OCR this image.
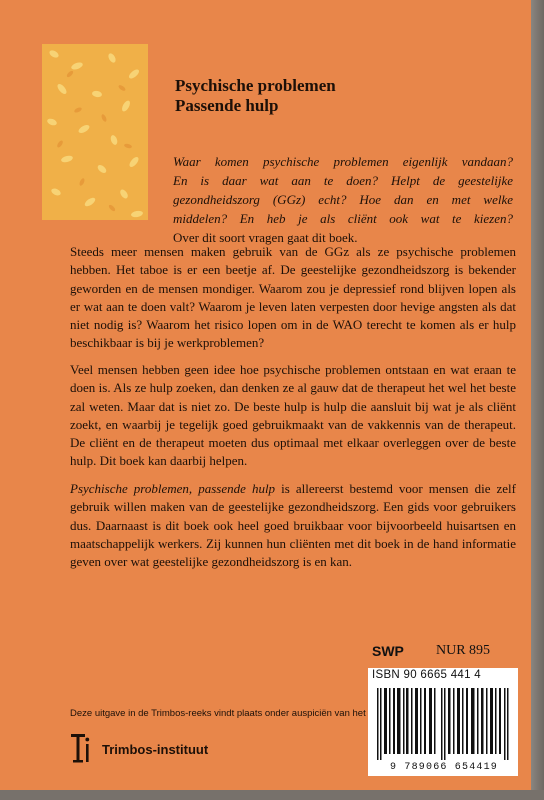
Psychische problemen
Passende hulp
Waar komen psychische problemen eigenlijk vandaan?
En is daar wat aan te doen? Helpt de geestelijke
gezondheidszorg (GGz) echt? Hoe dan en met welke
middelen? En heb je als cliënt ook wat te kiezen?
Over dit soort vragen gaat dit boek.
Steeds meer mensen maken gebruik van de GGz als ze psychische problemen hebben. Het taboe is er een beetje af. De geestelijke gezondheidszorg is bekender geworden en de mensen mondiger. Waarom zou je depressief rond blijven lopen als er wat aan te doen valt? Waarom je leven laten verpesten door hevige angsten als dat niet nodig is? Waarom het risico lopen om in de WAO terecht te komen als er hulp beschikbaar is bij je werkproblemen?
Veel mensen hebben geen idee hoe psychische problemen ontstaan en wat eraan te doen is. Als ze hulp zoeken, dan denken ze al gauw dat de therapeut het wel het beste zal weten. Maar dat is niet zo. De beste hulp is hulp die aansluit bij wat je als cliënt zoekt, en waarbij je tegelijk goed gebruikmaakt van de vakkennis van de therapeut. De cliënt en de therapeut moeten dus optimaal met elkaar overleggen over de beste hulp. Dit boek kan daarbij helpen.
Psychische problemen, passende hulp is allereerst bestemd voor mensen die zelf gebruik willen maken van de geestelijke gezondheidszorg. Een gids voor gebruikers dus. Daarnaast is dit boek ook heel goed bruikbaar voor bijvoorbeeld huisartsen en maatschappelijk werkers. Zij kunnen hun cliënten met dit boek in de hand informatie geven over wat geestelijke gezondheidszorg is en kan.
SWP NUR 895
ISBN 90 6665 441 4
9 789066 654419
Deze uitgave in de Trimbos-reeks vindt plaats onder auspiciën van het
Trimbos-instituut
